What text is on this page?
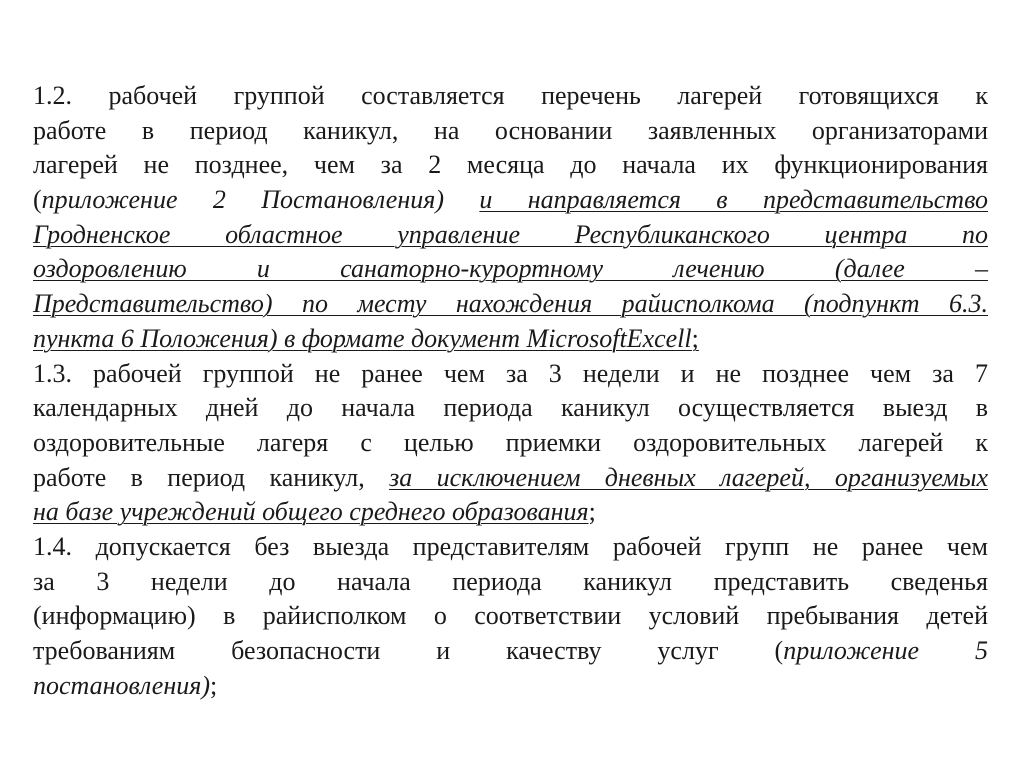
1.2. рабочей группой составляется перечень лагерей готовящихся к
работе в период каникул, на основании заявленных организаторами
лагерей не позднее, чем за 2 месяца до начала их функционирования
(приложение 2 Постановления) и направляется в представительство
Гродненское областное управление Республиканского центра по
оздоровлению и санаторно-курортному лечению (далее –
Представительство) по месту нахождения райисполкома (подпункт 6.3.
пункта 6 Положения) в формате документ MicrosoftExcell;
1.3. рабочей группой не ранее чем за 3 недели и не позднее чем за 7
календарных дней до начала периода каникул осуществляется выезд в
оздоровительные лагеря с целью приемки оздоровительных лагерей к
работе в период каникул, за исключением дневных лагерей, организуемых
на базе учреждений общего среднего образования;
1.4. допускается без выезда представителям рабочей групп не ранее чем
за 3 недели до начала периода каникул представить сведенья
(информацию) в райисполком о соответствии условий пребывания детей
требованиям безопасности и качеству услуг (приложение 5
постановления);
